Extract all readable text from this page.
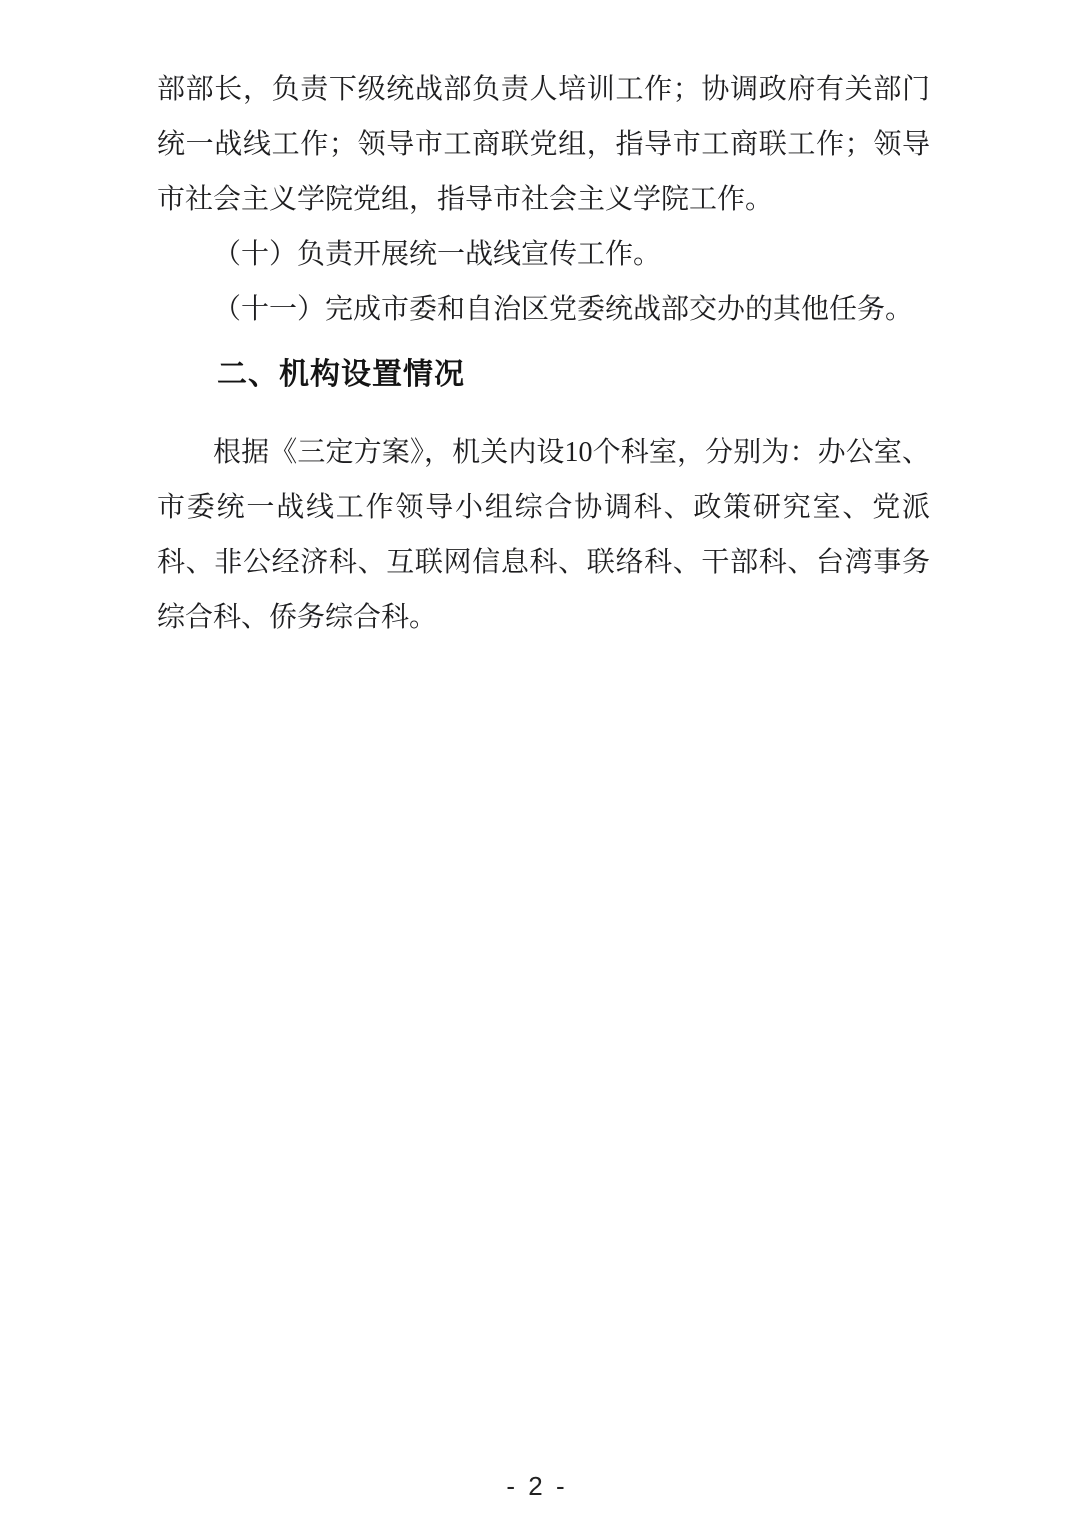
部部长，负责下级统战部负责人培训工作；协调政府有关部门统一战线工作；领导市工商联党组，指导市工商联工作；领导市社会主义学院党组，指导市社会主义学院工作。

（十）负责开展统一战线宣传工作。

（十一）完成市委和自治区党委统战部交办的其他任务。

二、机构设置情况

根据《三定方案》，机关内设10个科室，分别为：办公室、市委统一战线工作领导小组综合协调科、政策研究室、党派科、非公经济科、互联网信息科、联络科、干部科、台湾事务综合科、侨务综合科。

- 2 -
